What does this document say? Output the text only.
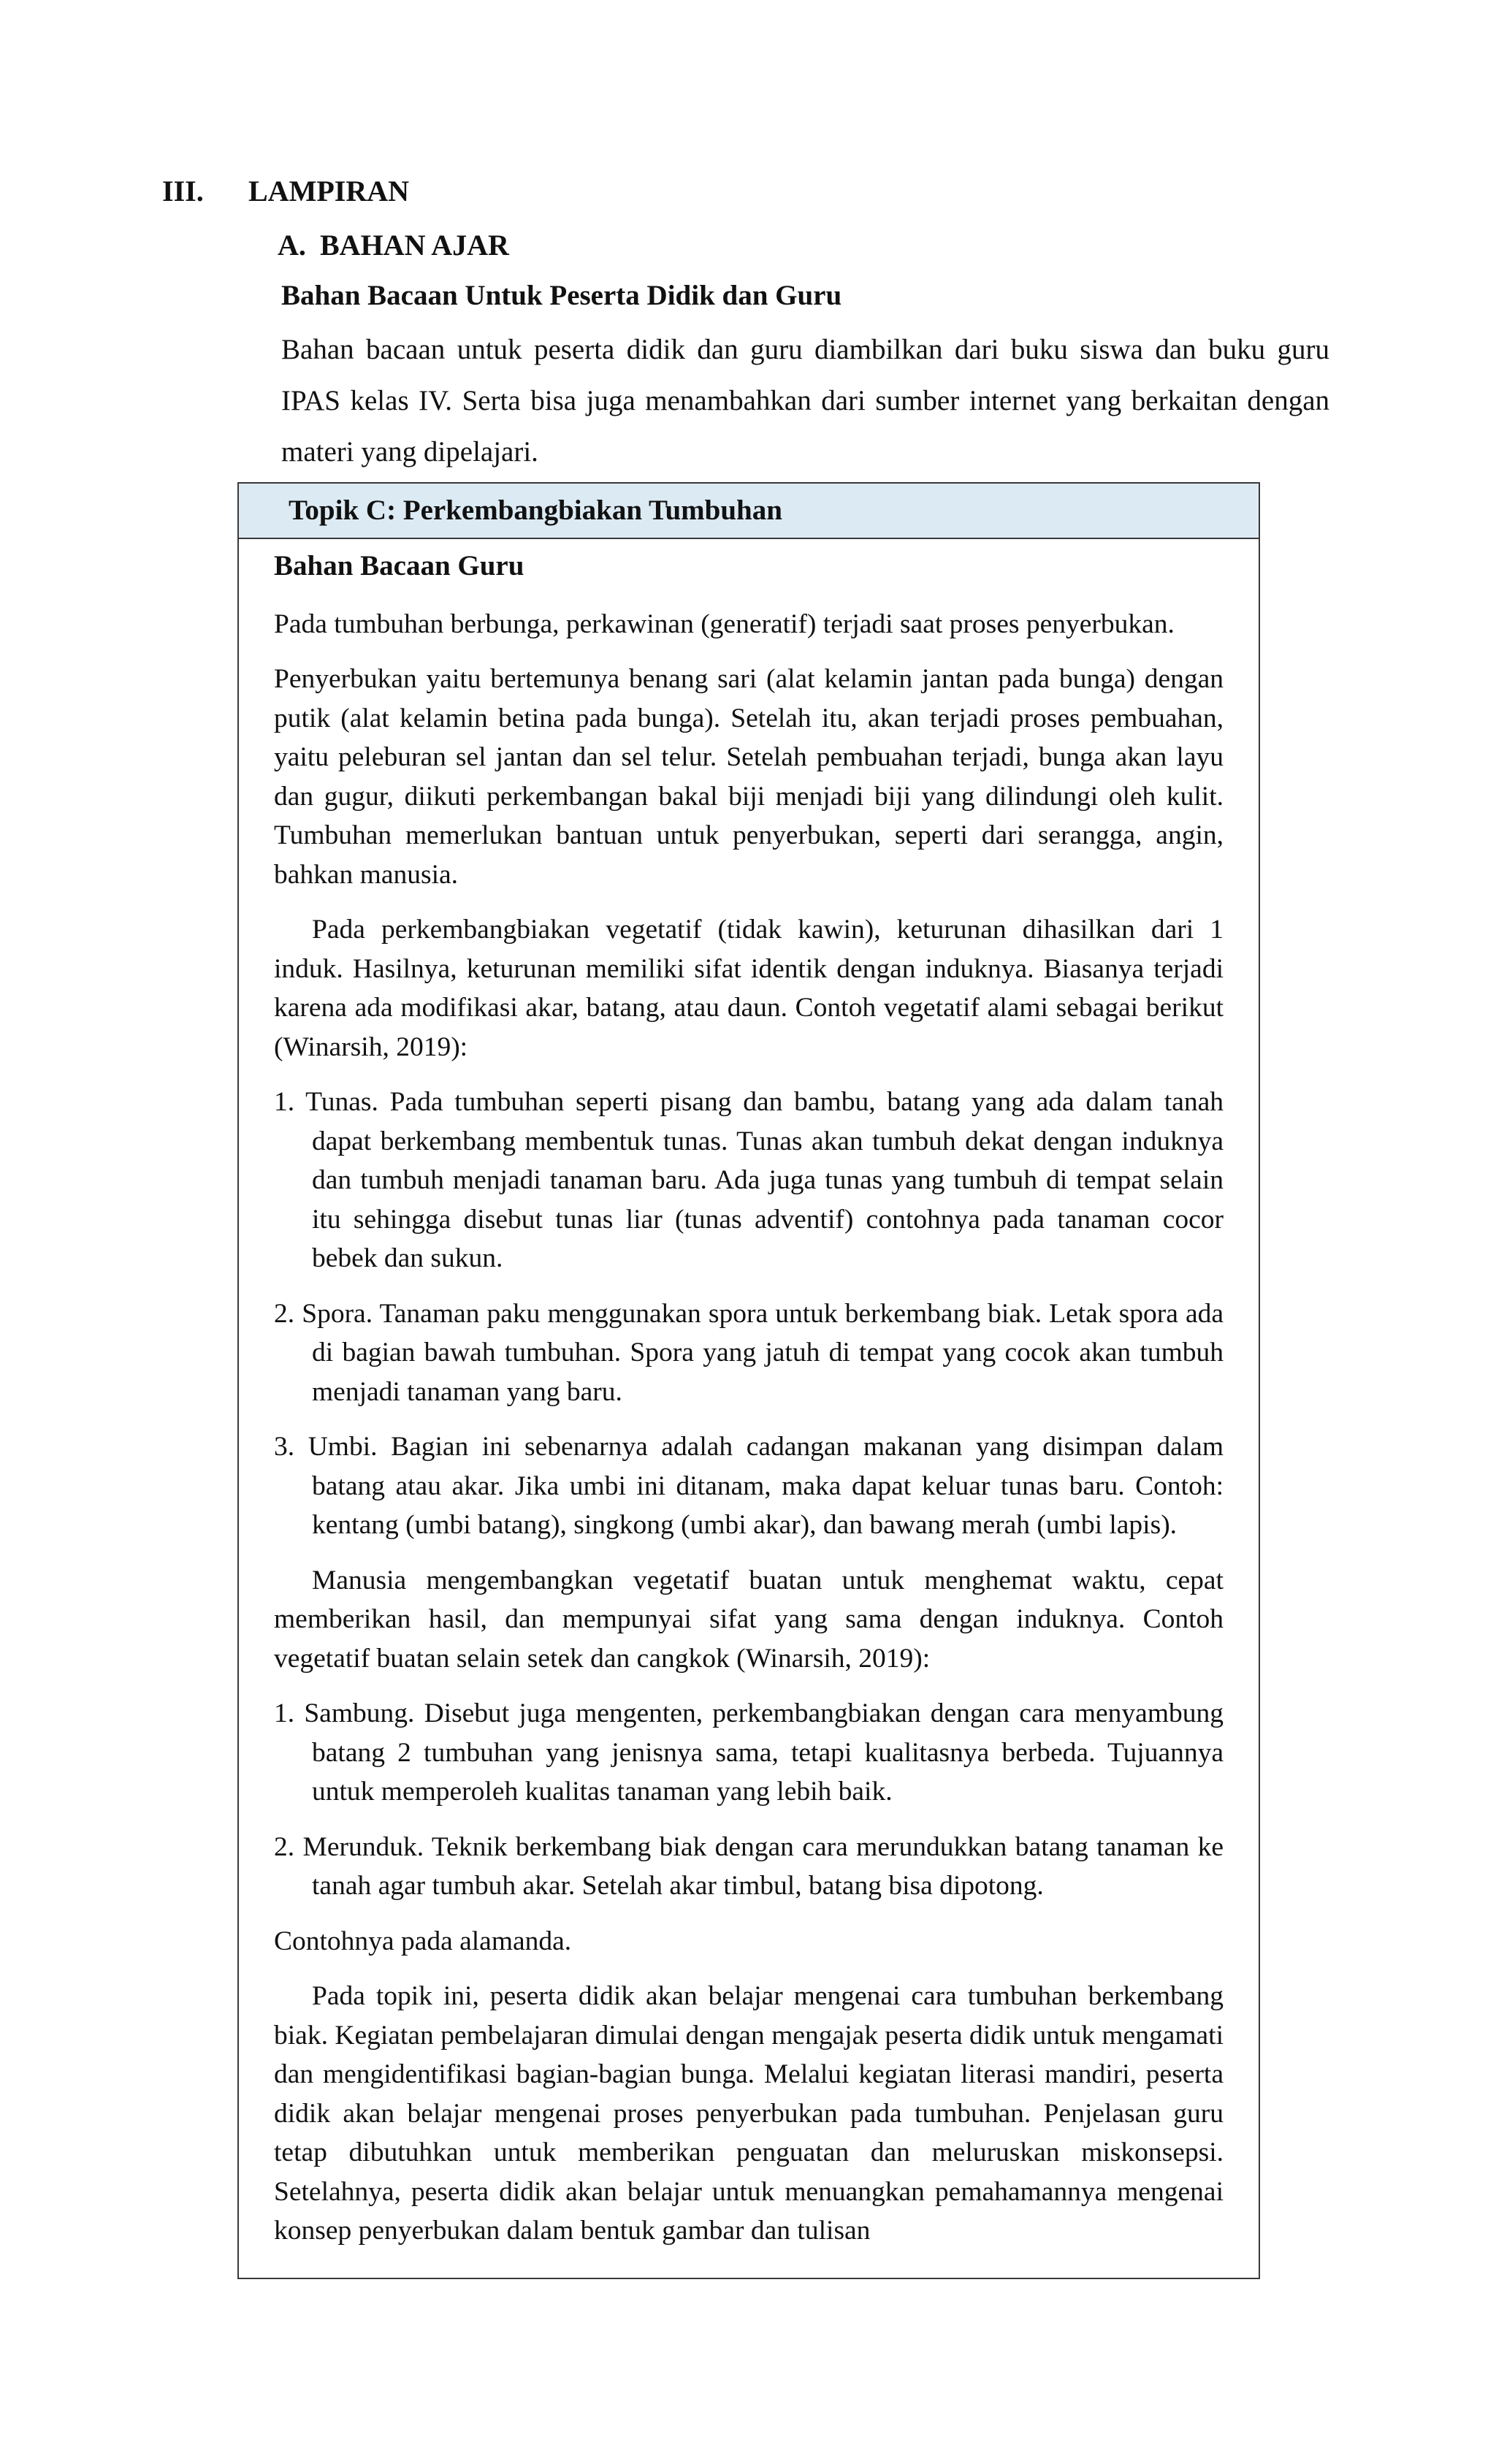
III. LAMPIRAN
A. BAHAN AJAR
Bahan Bacaan Untuk Peserta Didik dan Guru
Bahan bacaan untuk peserta didik dan guru diambilkan dari buku siswa dan buku guru IPAS kelas IV. Serta bisa juga menambahkan dari sumber internet yang berkaitan dengan materi yang dipelajari.
Topik C: Perkembangbiakan Tumbuhan

Bahan Bacaan Guru

Pada tumbuhan berbunga, perkawinan (generatif) terjadi saat proses penyerbukan.

Penyerbukan yaitu bertemunya benang sari (alat kelamin jantan pada bunga) dengan putik (alat kelamin betina pada bunga). Setelah itu, akan terjadi proses pembuahan, yaitu peleburan sel jantan dan sel telur. Setelah pembuahan terjadi, bunga akan layu dan gugur, diikuti perkembangan bakal biji menjadi biji yang dilindungi oleh kulit. Tumbuhan memerlukan bantuan untuk penyerbukan, seperti dari serangga, angin, bahkan manusia.

Pada perkembangbiakan vegetatif (tidak kawin), keturunan dihasilkan dari 1 induk. Hasilnya, keturunan memiliki sifat identik dengan induknya. Biasanya terjadi karena ada modifikasi akar, batang, atau daun. Contoh vegetatif alami sebagai berikut (Winarsih, 2019):

1. Tunas. Pada tumbuhan seperti pisang dan bambu, batang yang ada dalam tanah dapat berkembang membentuk tunas. Tunas akan tumbuh dekat dengan induknya dan tumbuh menjadi tanaman baru. Ada juga tunas yang tumbuh di tempat selain itu sehingga disebut tunas liar (tunas adventif) contohnya pada tanaman cocor bebek dan sukun.

2. Spora. Tanaman paku menggunakan spora untuk berkembang biak. Letak spora ada di bagian bawah tumbuhan. Spora yang jatuh di tempat yang cocok akan tumbuh menjadi tanaman yang baru.

3. Umbi. Bagian ini sebenarnya adalah cadangan makanan yang disimpan dalam batang atau akar. Jika umbi ini ditanam, maka dapat keluar tunas baru. Contoh: kentang (umbi batang), singkong (umbi akar), dan bawang merah (umbi lapis).

Manusia mengembangkan vegetatif buatan untuk menghemat waktu, cepat memberikan hasil, dan mempunyai sifat yang sama dengan induknya. Contoh vegetatif buatan selain setek dan cangkok (Winarsih, 2019):

1. Sambung. Disebut juga mengenten, perkembangbiakan dengan cara menyambung batang 2 tumbuhan yang jenisnya sama, tetapi kualitasnya berbeda. Tujuannya untuk memperoleh kualitas tanaman yang lebih baik.

2. Merunduk. Teknik berkembang biak dengan cara merundukkan batang tanaman ke tanah agar tumbuh akar. Setelah akar timbul, batang bisa dipotong.

Contohnya pada alamanda.

Pada topik ini, peserta didik akan belajar mengenai cara tumbuhan berkembang biak. Kegiatan pembelajaran dimulai dengan mengajak peserta didik untuk mengamati dan mengidentifikasi bagian-bagian bunga. Melalui kegiatan literasi mandiri, peserta didik akan belajar mengenai proses penyerbukan pada tumbuhan. Penjelasan guru tetap dibutuhkan untuk memberikan penguatan dan meluruskan miskonsepsi. Setelahnya, peserta didik akan belajar untuk menuangkan pemahamannya mengenai konsep penyerbukan dalam bentuk gambar dan tulisan
